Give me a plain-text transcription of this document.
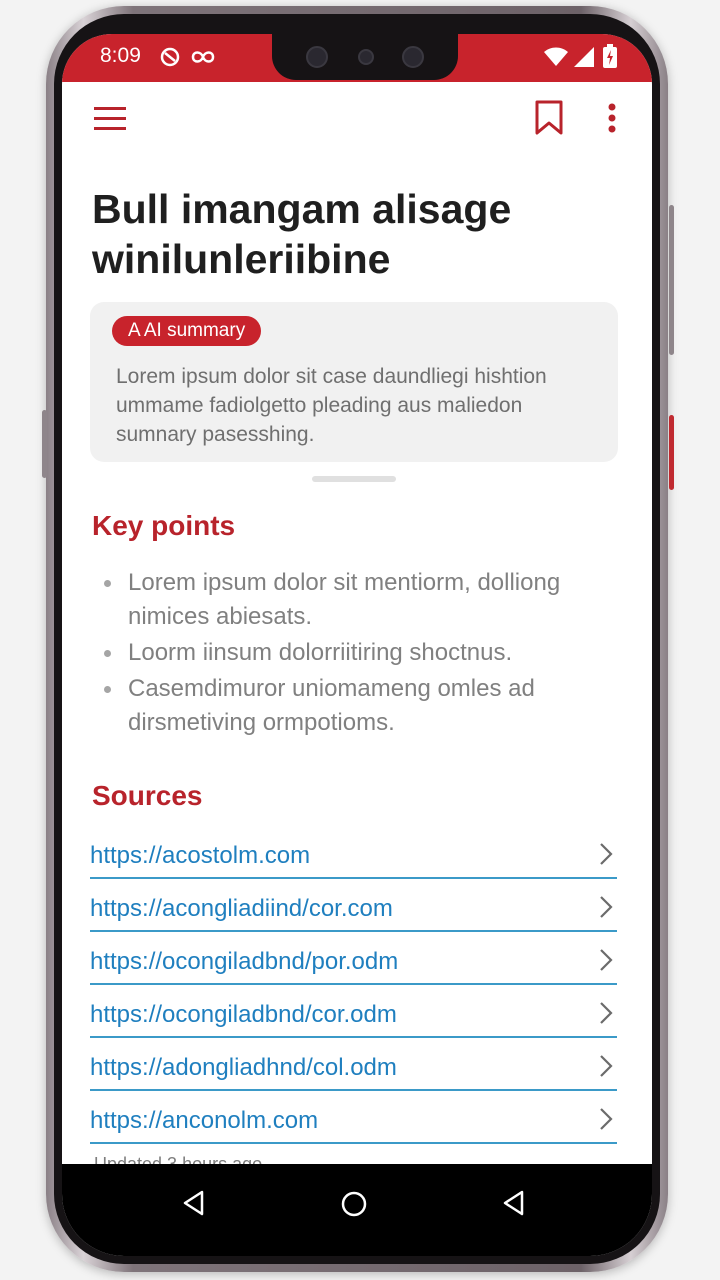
8:09
Bull imangam alisage winilunleriibine
A AI summary
Lorem ipsum dolor sit case daundliegi hishtion ummame fadiolgetto pleading aus maliedon sumnary pasesshing.
Key points
Lorem ipsum dolor sit mentiorm, dolliong nimices abiesats.
Loorm iinsum dolorriitiring shoctnus.
Casemdimuror uniomameng omles ad dirsmetiving ormpotioms.
Sources
https://acostolm.com
https://acongliadiind/cor.com
https://ocongiladbnd/por.odm
https://ocongiladbnd/cor.odm
https://adongliadhnd/col.odm
https://anconolm.com
